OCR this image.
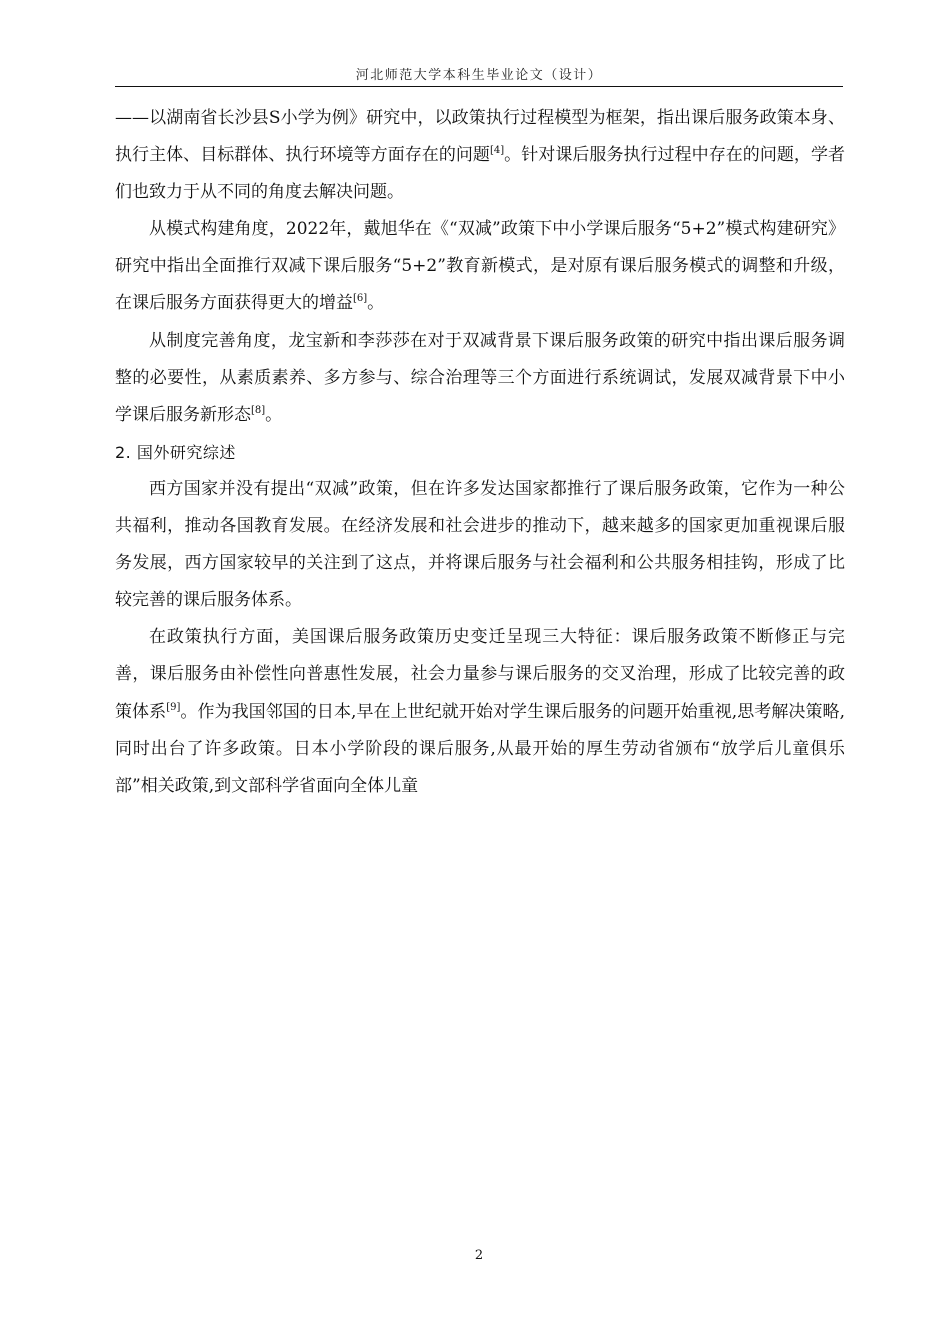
河北师范大学本科生毕业论文（设计）

——以湖南省长沙县S小学为例》研究中，以政策执行过程模型为框架，指出课后服务政策本身、执行主体、目标群体、执行环境等方面存在的问题[4]。针对课后服务执行过程中存在的问题，学者们也致力于从不同的角度去解决问题。

从模式构建角度，2022年，戴旭华在《“双减”政策下中小学课后服务“5+2”模式构建研究》研究中指出全面推行双减下课后服务“5+2”教育新模式，是对原有课后服务模式的调整和升级，在课后服务方面获得更大的增益[6]。

从制度完善角度，龙宝新和李莎莎在对于双减背景下课后服务政策的研究中指出课后服务调整的必要性，从素质素养、多方参与、综合治理等三个方面进行系统调试，发展双减背景下中小学课后服务新形态[8]。

2. 国外研究综述

西方国家并没有提出“双减”政策，但在许多发达国家都推行了课后服务政策，它作为一种公共福利，推动各国教育发展。在经济发展和社会进步的推动下，越来越多的国家更加重视课后服务发展，西方国家较早的关注到了这点，并将课后服务与社会福利和公共服务相挂钩，形成了比较完善的课后服务体系。

在政策执行方面，美国课后服务政策历史变迁呈现三大特征：课后服务政策不断修正与完善，课后服务由补偿性向普惠性发展，社会力量参与课后服务的交叉治理，形成了比较完善的政策体系[9]。作为我国邻国的日本,早在上世纪就开始对学生课后服务的问题开始重视,思考解决策略,同时出台了许多政策。日本小学阶段的课后服务,从最开始的厚生劳动省颁布“放学后儿童俱乐部”相关政策,到文部科学省面向全体儿童

2
